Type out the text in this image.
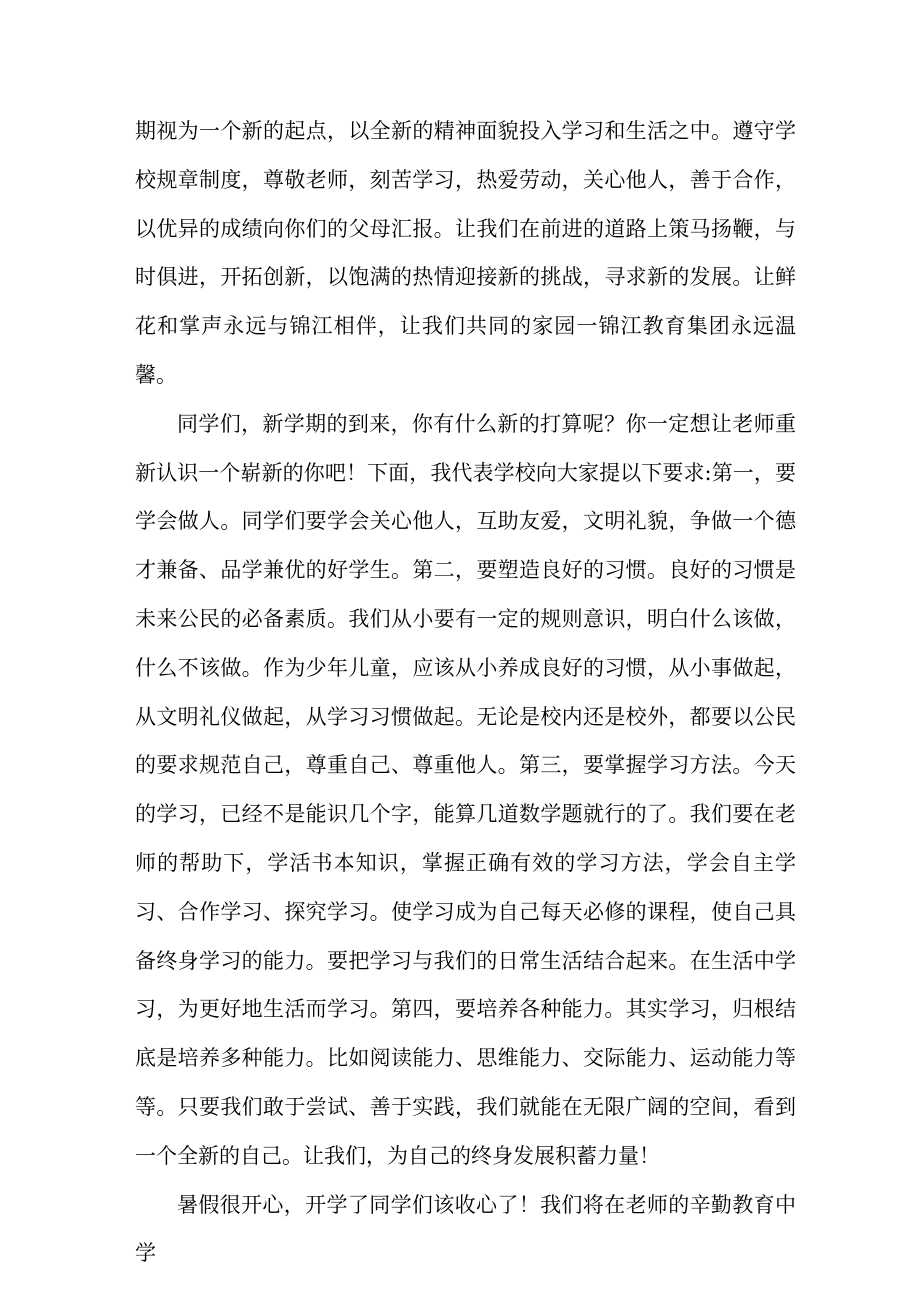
期视为一个新的起点，以全新的精神面貌投入学习和生活之中。遵守学校规章制度，尊敬老师，刻苦学习，热爱劳动，关心他人，善于合作，以优异的成绩向你们的父母汇报。让我们在前进的道路上策马扬鞭，与时俱进，开拓创新，以饱满的热情迎接新的挑战，寻求新的发展。让鲜花和掌声永远与锦江相伴，让我们共同的家园一锦江教育集团永远温馨。

同学们，新学期的到来，你有什么新的打算呢？你一定想让老师重新认识一个崭新的你吧！下面，我代表学校向大家提以下要求:第一，要学会做人。同学们要学会关心他人，互助友爱，文明礼貌，争做一个德才兼备、品学兼优的好学生。第二，要塑造良好的习惯。良好的习惯是未来公民的必备素质。我们从小要有一定的规则意识，明白什么该做，什么不该做。作为少年儿童，应该从小养成良好的习惯，从小事做起，从文明礼仪做起，从学习习惯做起。无论是校内还是校外，都要以公民的要求规范自己，尊重自己、尊重他人。第三，要掌握学习方法。今天的学习，已经不是能识几个字，能算几道数学题就行的了。我们要在老师的帮助下，学活书本知识，掌握正确有效的学习方法，学会自主学习、合作学习、探究学习。使学习成为自己每天必修的课程，使自己具备终身学习的能力。要把学习与我们的日常生活结合起来。在生活中学习，为更好地生活而学习。第四，要培养各种能力。其实学习，归根结底是培养多种能力。比如阅读能力、思维能力、交际能力、运动能力等等。只要我们敢于尝试、善于实践，我们就能在无限广阔的空间，看到一个全新的自己。让我们，为自己的终身发展积蓄力量！

暑假很开心，开学了同学们该收心了！我们将在老师的辛勤教育中学
